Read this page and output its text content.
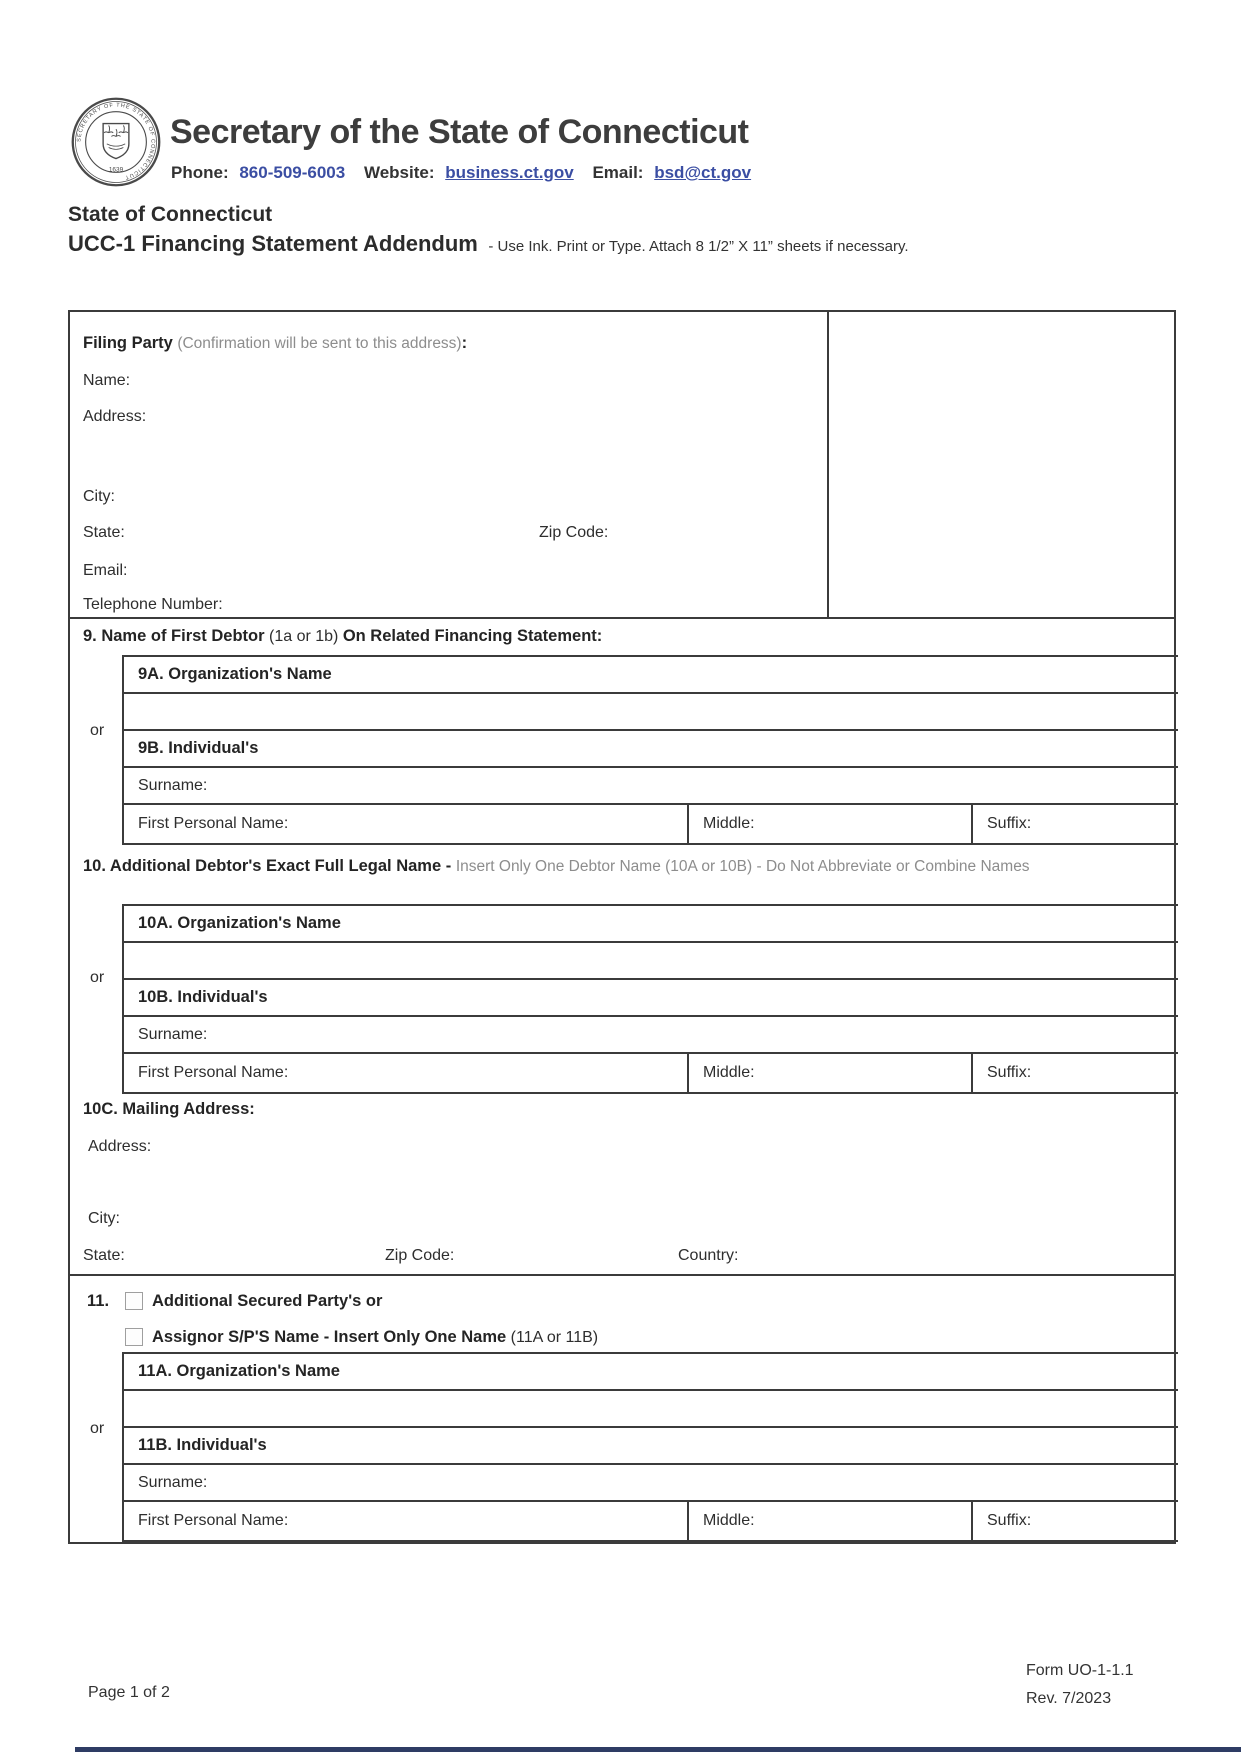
SECRETARY OF THE STATE OF CONNECTICUT
1639
Secretary of the State of Connecticut
Phone: 860-509-6003 Website: business.ct.gov Email: bsd@ct.gov
State of Connecticut
UCC-1 Financing Statement Addendum - Use Ink. Print or Type. Attach 8 1/2” X 11” sheets if necessary.
Filing Party (Confirmation will be sent to this address):
Name:
Address:
City:
State:	Zip Code:
Email:
Telephone Number:
9. Name of First Debtor (1a or 1b) On Related Financing Statement:
or
9A. Organization's Name
9B. Individual's
Surname:
First Personal Name:	Middle:	Suffix:
10. Additional Debtor's Exact Full Legal Name - Insert Only One Debtor Name (10A or 10B) - Do Not Abbreviate or Combine Names
or
10A. Organization's Name
10B. Individual's
Surname:
First Personal Name:	Middle:	Suffix:
10C. Mailing Address:
Address:
City:
State:	Zip Code:	Country:
11.	Additional Secured Party's or
Assignor S/P'S Name - Insert Only One Name (11A or 11B)
or
11A. Organization's Name
11B. Individual's
Surname:
First Personal Name:	Middle:	Suffix:
Page 1 of 2
Form UO-1-1.1
Rev. 7/2023
